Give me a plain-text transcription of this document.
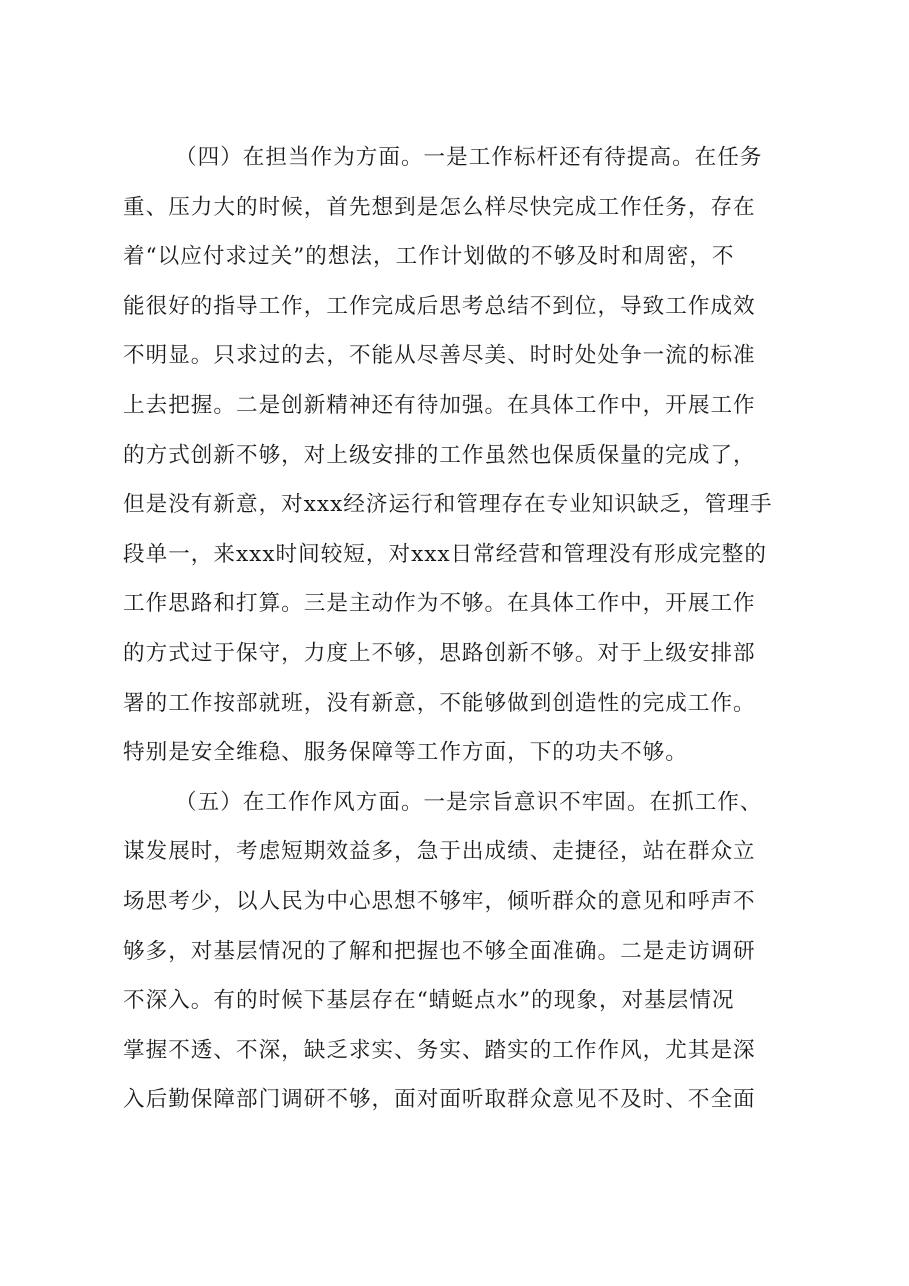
（四）在担当作为方面。一是工作标杆还有待提高。在任务
重、压力大的时候，首先想到是怎么样尽快完成工作任务，存在
着“以应付求过关”的想法，工作计划做的不够及时和周密，不
能很好的指导工作，工作完成后思考总结不到位，导致工作成效
不明显。只求过的去，不能从尽善尽美、时时处处争一流的标准
上去把握。二是创新精神还有待加强。在具体工作中，开展工作
的方式创新不够，对上级安排的工作虽然也保质保量的完成了，
但是没有新意，对xxx经济运行和管理存在专业知识缺乏，管理手
段单一，来xxx时间较短，对xxx日常经营和管理没有形成完整的
工作思路和打算。三是主动作为不够。在具体工作中，开展工作
的方式过于保守，力度上不够，思路创新不够。对于上级安排部
署的工作按部就班，没有新意，不能够做到创造性的完成工作。
特别是安全维稳、服务保障等工作方面，下的功夫不够。
（五）在工作作风方面。一是宗旨意识不牢固。在抓工作、
谋发展时，考虑短期效益多，急于出成绩、走捷径，站在群众立
场思考少，以人民为中心思想不够牢，倾听群众的意见和呼声不
够多，对基层情况的了解和把握也不够全面准确。二是走访调研
不深入。有的时候下基层存在“蜻蜓点水”的现象，对基层情况
掌握不透、不深，缺乏求实、务实、踏实的工作作风，尤其是深
入后勤保障部门调研不够，面对面听取群众意见不及时、不全面
